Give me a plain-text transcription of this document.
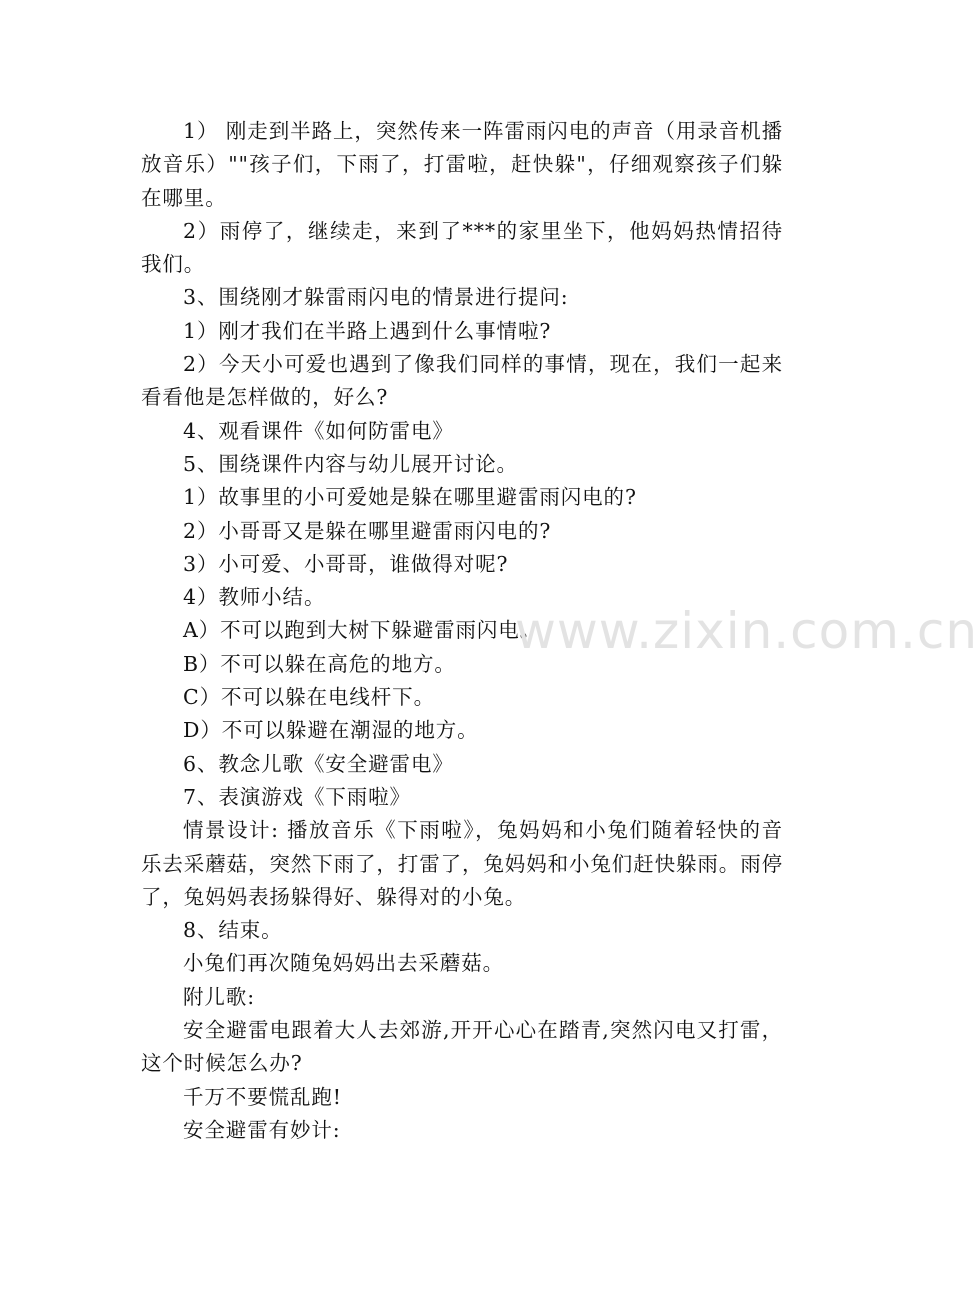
1） 刚走到半路上，突然传来一阵雷雨闪电的声音（用录音机播放音乐）""孩子们，下雨了，打雷啦，赶快躲"，仔细观察孩子们躲在哪里。

2）雨停了，继续走，来到了***的家里坐下，他妈妈热情招待我们。

3、围绕刚才躲雷雨闪电的情景进行提问:

1）刚才我们在半路上遇到什么事情啦?

2）今天小可爱也遇到了像我们同样的事情，现在，我们一起来看看他是怎样做的，好么?

4、观看课件《如何防雷电》

5、围绕课件内容与幼儿展开讨论。

1）故事里的小可爱她是躲在哪里避雷雨闪电的?

2）小哥哥又是躲在哪里避雷雨闪电的?

3）小可爱、小哥哥，谁做得对呢?

4）教师小结。

A）不可以跑到大树下躲避雷雨闪电。

B）不可以躲在高危的地方。

C）不可以躲在电线杆下。

D）不可以躲避在潮湿的地方。

6、教念儿歌《安全避雷电》

7、表演游戏《下雨啦》

情景设计: 播放音乐《下雨啦》，兔妈妈和小兔们随着轻快的音乐去采蘑菇，突然下雨了，打雷了，兔妈妈和小兔们赶快躲雨。雨停了，兔妈妈表扬躲得好、躲得对的小兔。

8、结束。

小兔们再次随兔妈妈出去采蘑菇。

附儿歌:

安全避雷电跟着大人去郊游,开开心心在踏青,突然闪电又打雷，这个时候怎么办?

千万不要慌乱跑!

安全避雷有妙计:

www.zixin.com.cn
